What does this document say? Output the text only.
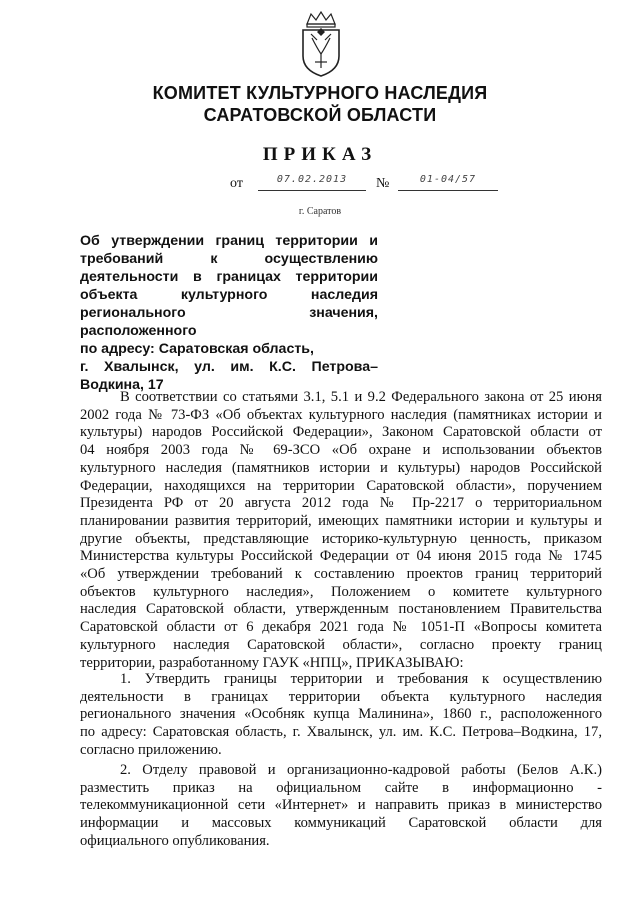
КОМИТЕТ КУЛЬТУРНОГО НАСЛЕДИЯ
САРАТОВСКОЙ ОБЛАСТИ
ПРИКАЗ
от	07.02.2013	№	01-04/57
г. Саратов
Об утверждении границ территории и
требований к осуществлению
деятельности в границах территории
объекта культурного наследия
регионального значения, расположенного
по адресу: Саратовская область,
г. Хвалынск, ул. им. К.С. Петрова–
Водкина, 17
В соответствии со статьями 3.1, 5.1 и 9.2 Федерального закона от 25 июня
2002 года № 73-ФЗ «Об объектах культурного наследия (памятниках истории и
культуры) народов Российской Федерации», Законом Саратовской области от
04 ноября 2003 года № 69-ЗСО «Об охране и использовании объектов
культурного наследия (памятников истории и культуры) народов Российской
Федерации, находящихся на территории Саратовской области», поручением
Президента РФ от 20 августа 2012 года № Пр-2217 о территориальном
планировании развития территорий, имеющих памятники истории и культуры и
другие объекты, представляющие историко-культурную ценность, приказом
Министерства культуры Российской Федерации от 04 июня 2015 года № 1745
«Об утверждении требований к составлению проектов границ территорий
объектов культурного наследия», Положением о комитете культурного
наследия Саратовской области, утвержденным постановлением Правительства
Саратовской области от 6 декабря 2021 года № 1051-П «Вопросы комитета
культурного наследия Саратовской области», согласно проекту границ
территории, разработанному ГАУК «НПЦ», ПРИКАЗЫВАЮ:
1. Утвердить границы территории и требования к осуществлению
деятельности в границах территории объекта культурного наследия
регионального значения «Особняк купца Малинина», 1860 г., расположенного
по адресу: Саратовская область, г. Хвалынск, ул. им. К.С. Петрова–Водкина, 17,
согласно приложению.
2. Отделу правовой и организационно-кадровой работы (Белов А.К.)
разместить приказ на официальном сайте в информационно -
телекоммуникационной сети «Интернет» и направить приказ в министерство
информации и массовых коммуникаций Саратовской области для
официального опубликования.
